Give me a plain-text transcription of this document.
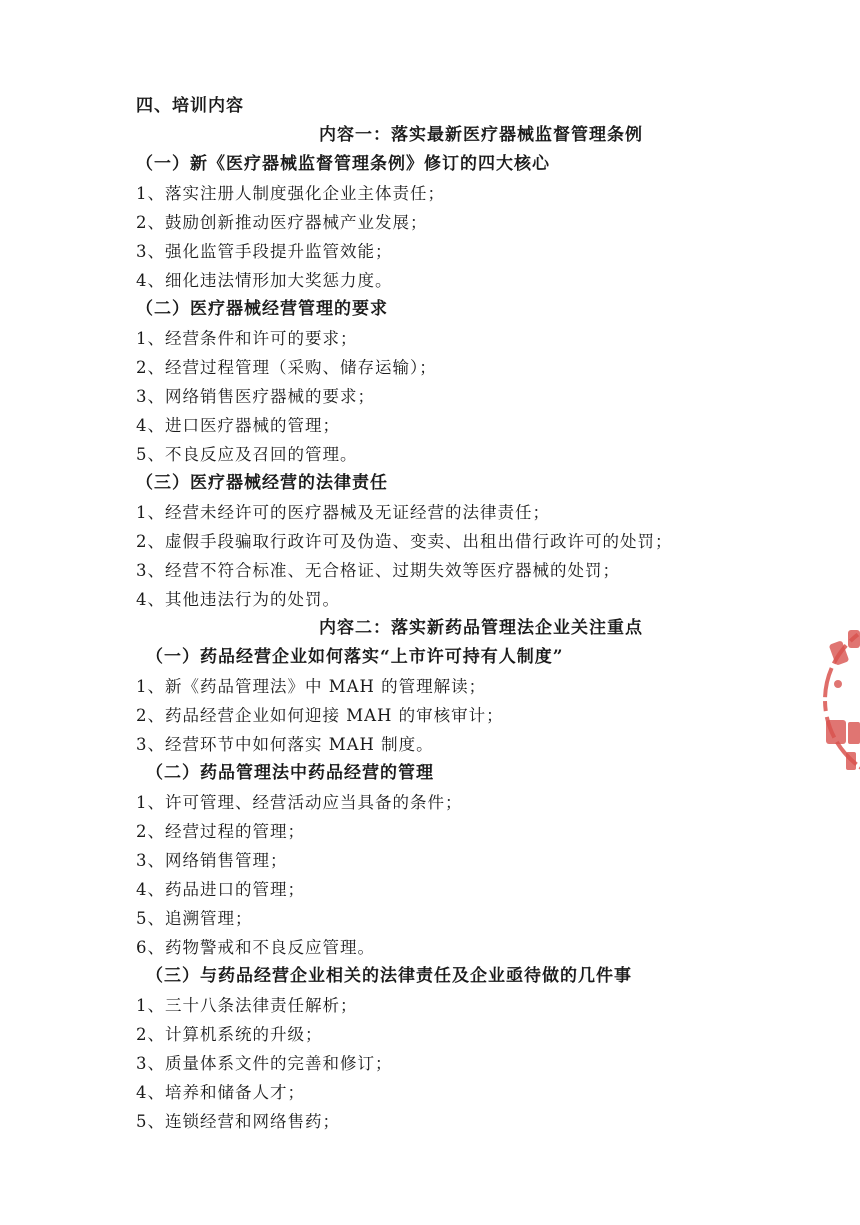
四、培训内容
内容一：落实最新医疗器械监督管理条例
（一）新《医疗器械监督管理条例》修订的四大核心
1、落实注册人制度强化企业主体责任；
2、鼓励创新推动医疗器械产业发展；
3、强化监管手段提升监管效能；
4、细化违法情形加大奖惩力度。
（二）医疗器械经营管理的要求
1、经营条件和许可的要求；
2、经营过程管理（采购、储存运输）；
3、网络销售医疗器械的要求；
4、进口医疗器械的管理；
5、不良反应及召回的管理。
（三）医疗器械经营的法律责任
1、经营未经许可的医疗器械及无证经营的法律责任；
2、虚假手段骗取行政许可及伪造、变卖、出租出借行政许可的处罚；
3、经营不符合标准、无合格证、过期失效等医疗器械的处罚；
4、其他违法行为的处罚。
内容二：落实新药品管理法企业关注重点
（一）药品经营企业如何落实“上市许可持有人制度”
1、新《药品管理法》中 MAH 的管理解读；
2、药品经营企业如何迎接 MAH 的审核审计；
3、经营环节中如何落实 MAH 制度。
（二）药品管理法中药品经营的管理
1、许可管理、经营活动应当具备的条件；
2、经营过程的管理；
3、网络销售管理；
4、药品进口的管理；
5、追溯管理；
6、药物警戒和不良反应管理。
（三）与药品经营企业相关的法律责任及企业亟待做的几件事
1、三十八条法律责任解析；
2、计算机系统的升级；
3、质量体系文件的完善和修订；
4、培养和储备人才；
5、连锁经营和网络售药；
